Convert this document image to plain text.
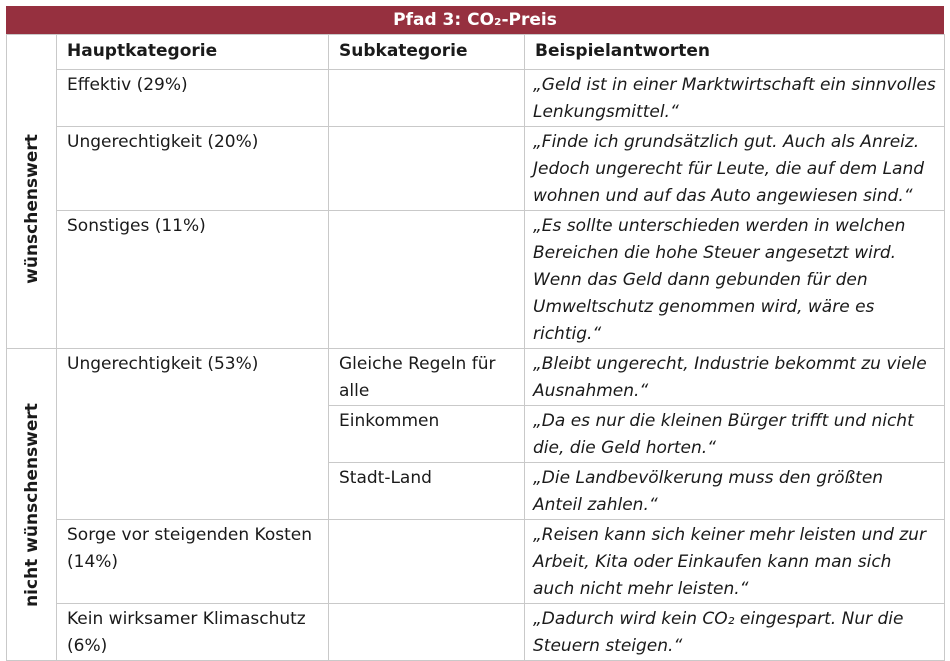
Pfad 3: CO₂-Preis
	Hauptkategorie	Subkategorie	Beispielantworten

wünschenswert	Effektiv (29%)		„Geld ist in einer Marktwirtschaft ein sinnvolles Lenkungsmittel.“
	Ungerechtigkeit (20%)		„Finde ich grundsätzlich gut. Auch als Anreiz. Jedoch ungerecht für Leute, die auf dem Land wohnen und auf das Auto angewiesen sind.“
	Sonstiges (11%)		„Es sollte unterschieden werden in welchen Bereichen die hohe Steuer angesetzt wird.
Wenn das Geld dann gebunden für den Umweltschutz genommen wird, wäre es richtig.“

nicht wünschenswert	Ungerechtigkeit (53%)	Gleiche Regeln für alle	„Bleibt ungerecht, Industrie bekommt zu viele Ausnahmen.“
		Einkommen	„Da es nur die kleinen Bürger trifft und nicht die, die Geld horten.“
		Stadt-Land	„Die Landbevölkerung muss den größten Anteil zahlen.“
	Sorge vor steigenden Kosten (14%)		„Reisen kann sich keiner mehr leisten und zur Arbeit, Kita oder Einkaufen kann man sich auch nicht mehr leisten.“
	Kein wirksamer Klimaschutz (6%)		„Dadurch wird kein CO₂ eingespart. Nur die Steuern steigen.“
